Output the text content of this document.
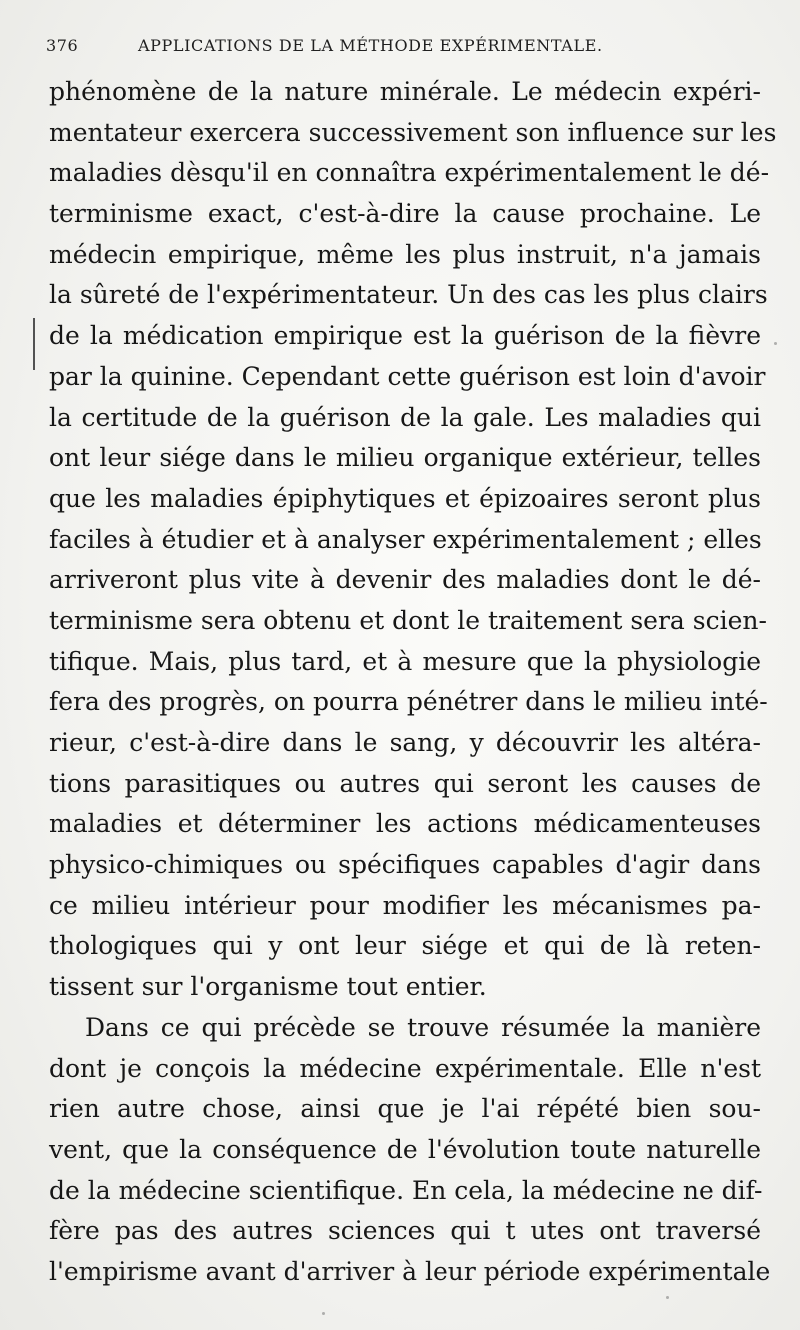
376	APPLICATIONS DE LA MÉTHODE EXPÉRIMENTALE.
phénomène de la nature minérale. Le médecin expéri-
mentateur exercera successivement son influence sur les
maladies dèsqu'il en connaîtra expérimentalement le dé-
terminisme exact, c'est-à-dire la cause prochaine. Le
médecin empirique, même les plus instruit, n'a jamais
la sûreté de l'expérimentateur. Un des cas les plus clairs
de la médication empirique est la guérison de la fièvre
par la quinine. Cependant cette guérison est loin d'avoir
la certitude de la guérison de la gale. Les maladies qui
ont leur siége dans le milieu organique extérieur, telles
que les maladies épiphytiques et épizoaires seront plus
faciles à étudier et à analyser expérimentalement ; elles
arriveront plus vite à devenir des maladies dont le dé-
terminisme sera obtenu et dont le traitement sera scien-
tifique. Mais, plus tard, et à mesure que la physiologie
fera des progrès, on pourra pénétrer dans le milieu inté-
rieur, c'est-à-dire dans le sang, y découvrir les altéra-
tions parasitiques ou autres qui seront les causes de
maladies et déterminer les actions médicamenteuses
physico-chimiques ou spécifiques capables d'agir dans
ce milieu intérieur pour modifier les mécanismes pa-
thologiques qui y ont leur siége et qui de là reten-
tissent sur l'organisme tout entier.
Dans ce qui précède se trouve résumée la manière
dont je conçois la médecine expérimentale. Elle n'est
rien autre chose, ainsi que je l'ai répété bien sou-
vent, que la conséquence de l'évolution toute naturelle
de la médecine scientifique. En cela, la médecine ne dif-
fère pas des autres sciences qui t utes ont traversé
l'empirisme avant d'arriver à leur période expérimentale
